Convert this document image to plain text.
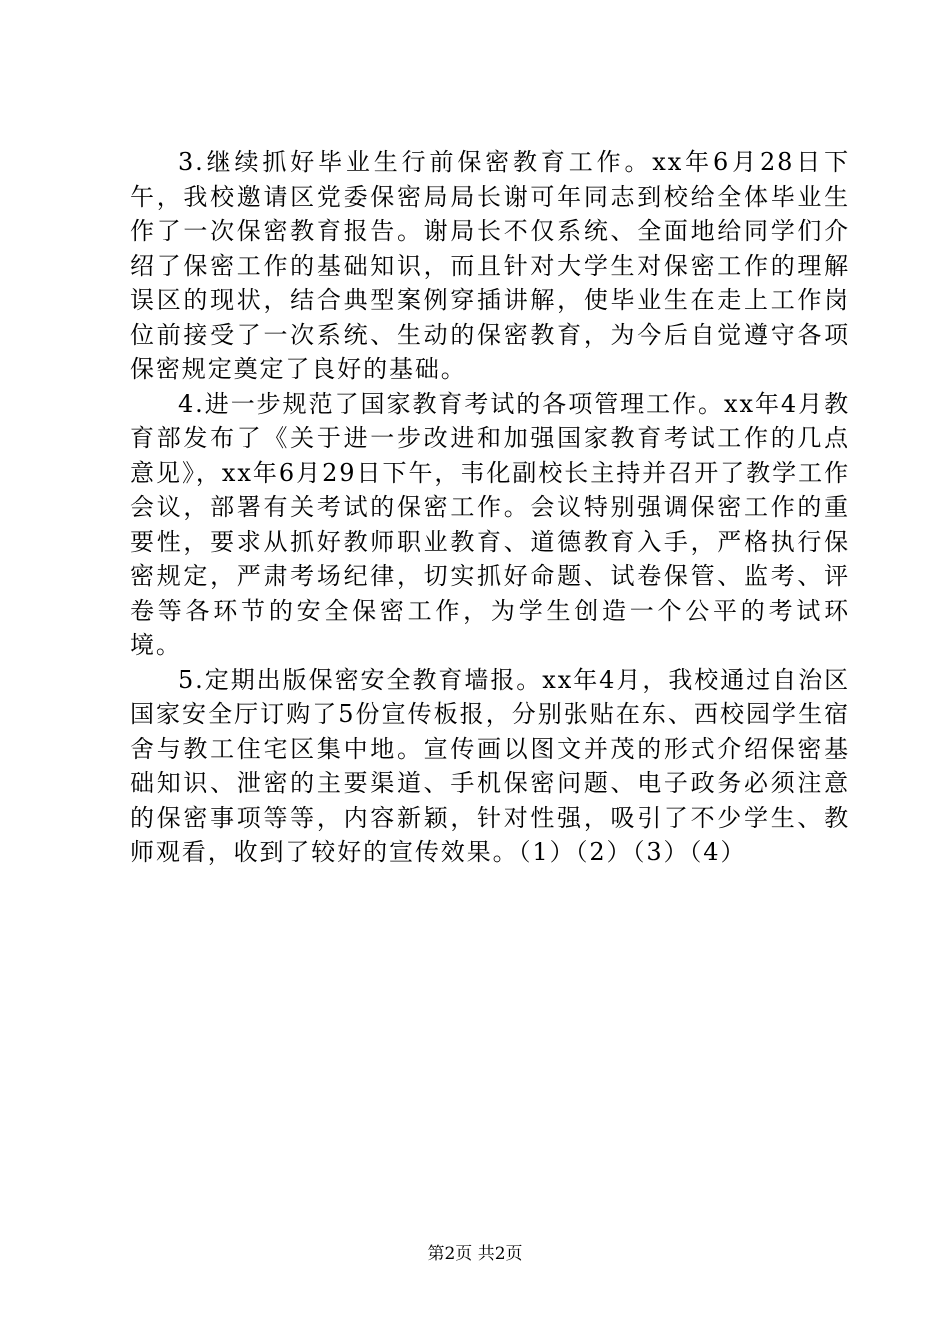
3.继续抓好毕业生行前保密教育工作。xx年6月28日下午，我校邀请区党委保密局局长谢可年同志到校给全体毕业生作了一次保密教育报告。谢局长不仅系统、全面地给同学们介绍了保密工作的基础知识，而且针对大学生对保密工作的理解误区的现状，结合典型案例穿插讲解，使毕业生在走上工作岗位前接受了一次系统、生动的保密教育，为今后自觉遵守各项保密规定奠定了良好的基础。

4.进一步规范了国家教育考试的各项管理工作。xx年4月教育部发布了《关于进一步改进和加强国家教育考试工作的几点意见》，xx年6月29日下午，韦化副校长主持并召开了教学工作会议，部署有关考试的保密工作。会议特别强调保密工作的重要性，要求从抓好教师职业教育、道德教育入手，严格执行保密规定，严肃考场纪律，切实抓好命题、试卷保管、监考、评卷等各环节的安全保密工作，为学生创造一个公平的考试环境。

5.定期出版保密安全教育墙报。xx年4月，我校通过自治区国家安全厅订购了5份宣传板报，分别张贴在东、西校园学生宿舍与教工住宅区集中地。宣传画以图文并茂的形式介绍保密基础知识、泄密的主要渠道、手机保密问题、电子政务必须注意的保密事项等等，内容新颖，针对性强，吸引了不少学生、教师观看，收到了较好的宣传效果。（1）（2）（3）（4）

第2页 共2页
